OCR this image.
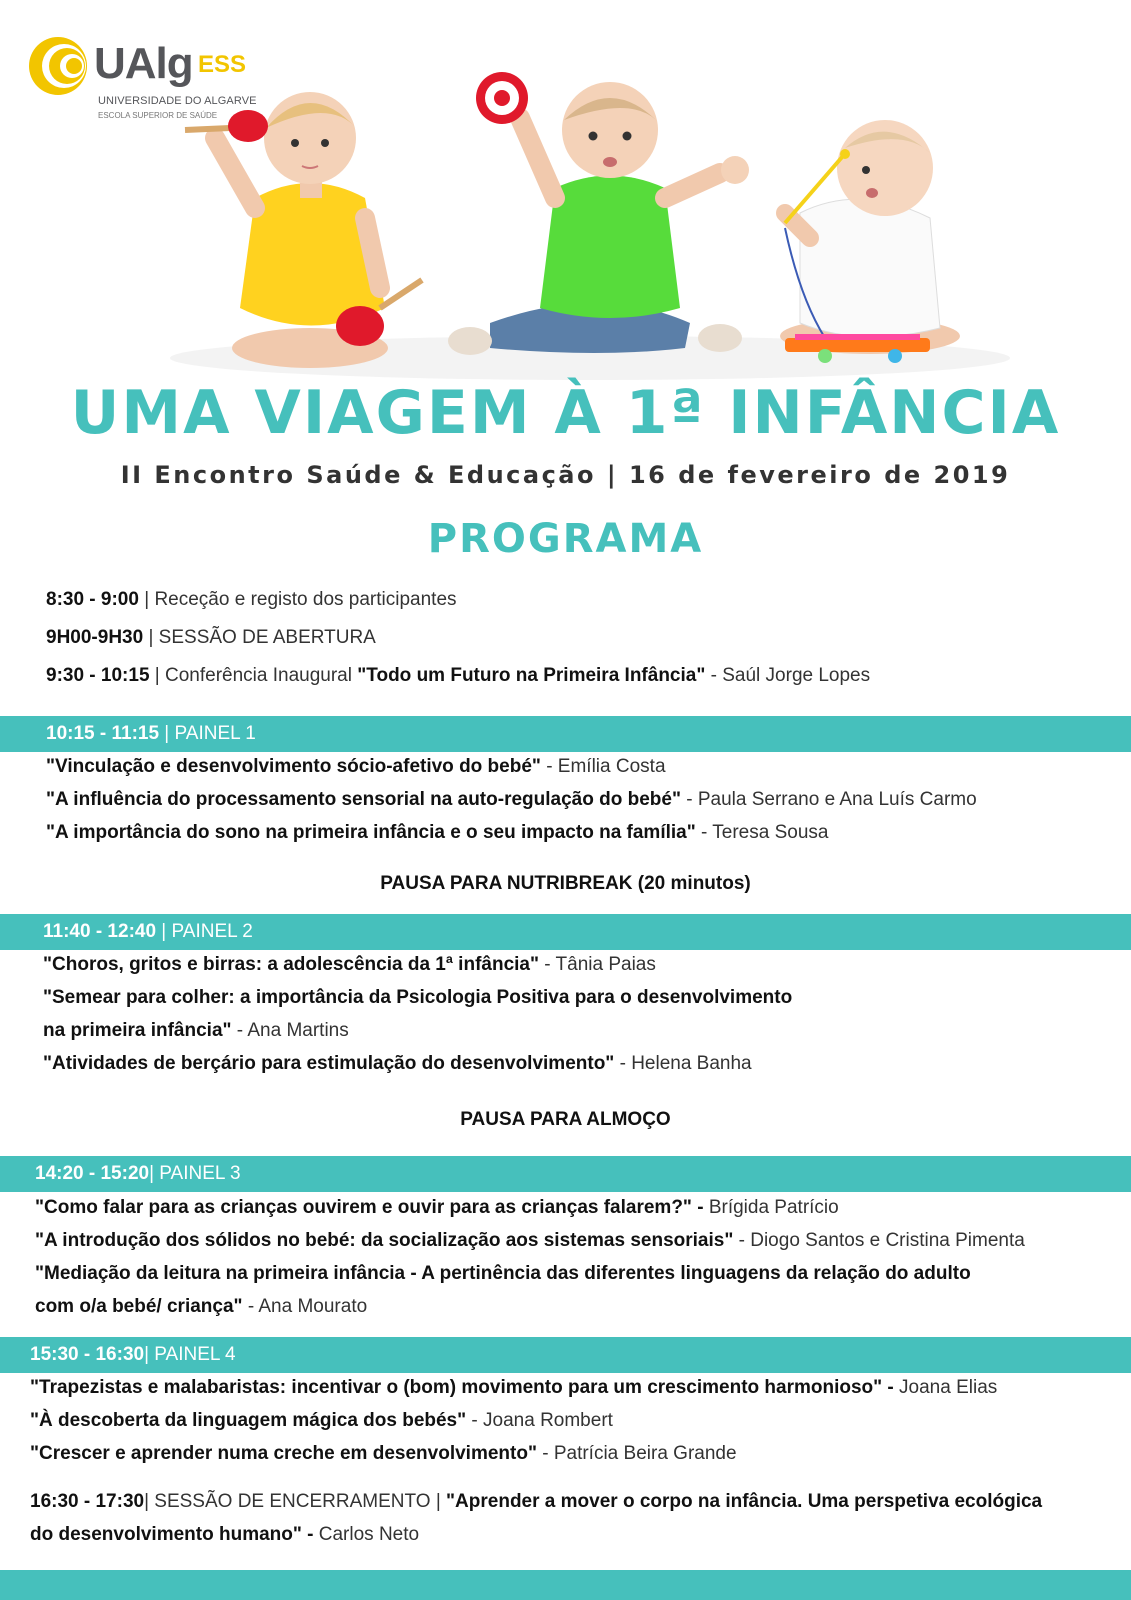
UAlg ESS
UNIVERSIDADE DO ALGARVE
ESCOLA SUPERIOR DE SAÚDE
UMA VIAGEM À 1ª INFÂNCIA
II Encontro Saúde & Educação | 16 de fevereiro de 2019
PROGRAMA
8:30 - 9:00 | Receção e registo dos participantes
9H00-9H30 | SESSÃO DE ABERTURA
9:30 - 10:15 | Conferência Inaugural "Todo um Futuro na Primeira Infância" - Saúl Jorge Lopes
10:15 - 11:15 | PAINEL 1
"Vinculação e desenvolvimento sócio-afetivo do bebé" - Emília Costa
"A influência do processamento sensorial na auto-regulação do bebé" - Paula Serrano e Ana Luís Carmo
"A importância do sono na primeira infância e o seu impacto na família" - Teresa Sousa
PAUSA PARA NUTRIBREAK (20 minutos)
11:40 - 12:40 | PAINEL 2
"Choros, gritos e birras: a adolescência da 1ª infância" - Tânia Paias
"Semear para colher: a importância da Psicologia Positiva para o desenvolvimento
na primeira infância" - Ana Martins
"Atividades de berçário para estimulação do desenvolvimento" - Helena Banha
PAUSA PARA ALMOÇO
14:20 - 15:20| PAINEL 3
"Como falar para as crianças ouvirem e ouvir para as crianças falarem?" - Brígida Patrício
"A introdução dos sólidos no bebé: da socialização aos sistemas sensoriais" - Diogo Santos e Cristina Pimenta
"Mediação da leitura na primeira infância - A pertinência das diferentes linguagens da relação do adulto
com o/a bebé/ criança" - Ana Mourato
15:30 - 16:30| PAINEL 4
"Trapezistas e malabaristas: incentivar o (bom) movimento para um crescimento harmonioso" - Joana Elias
"À descoberta da linguagem mágica dos bebés" - Joana Rombert
"Crescer e aprender numa creche em desenvolvimento" - Patrícia Beira Grande
16:30 - 17:30| SESSÃO DE ENCERRAMENTO | "Aprender a mover o corpo na infância. Uma perspetiva ecológica
do desenvolvimento humano" - Carlos Neto
